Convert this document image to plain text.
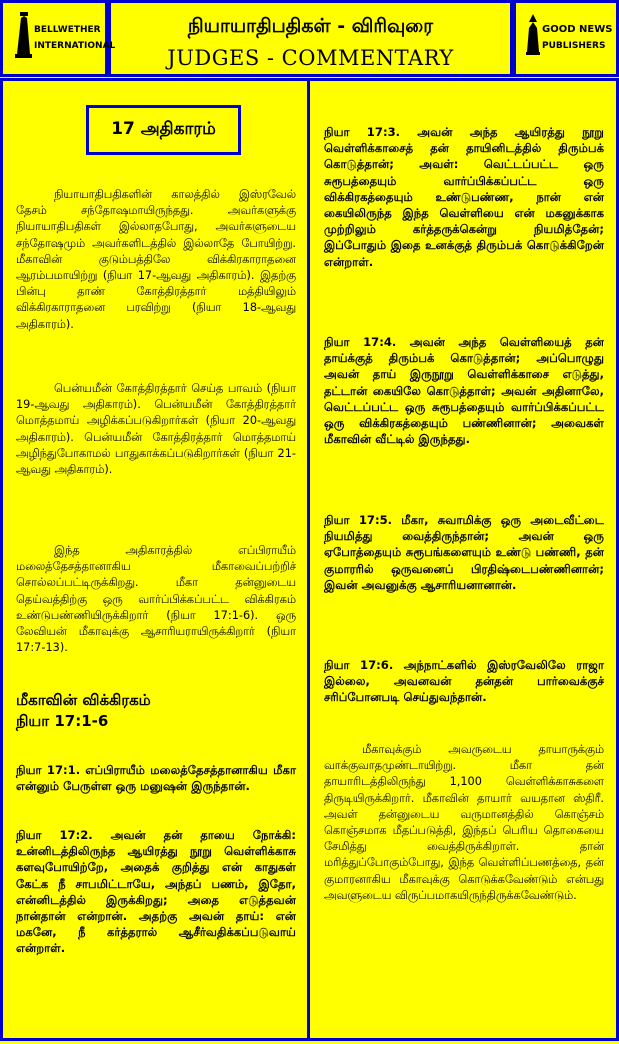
BELLWETHER
INTERNATIONAL
GOOD NEWS
PUBLISHERS
நியாயாதிபதிகள் - விரிவுரை
JUDGES - COMMENTARY
17 அதிகாரம்
நியாயாதிபதிகளின் காலத்தில் இஸ்ரவேல் தேசம் சந்தோஷமாயிருந்தது. அவர்களுக்கு நியாயாதிபதிகள் இல்லாதபோது, அவர்களுடைய சந்தோஷமும் அவர்களிடத்தில் இல்லாதே போயிற்று. மீகாவின் குடும்பத்திலே விக்கிரகாராதனை ஆரம்பமாயிற்று (நியா 17-ஆவது அதிகாரம்). இதற்கு பின்பு தாண் கோத்திரத்தார் மத்தியிலும் விக்கிரகாராதனை பரவிற்று (நியா 18-ஆவது அதிகாரம்).
பென்யமீன் கோத்திரத்தார் செய்த பாவம் (நியா 19-ஆவது அதிகாரம்). பென்யமீன் கோத்திரத்தார் மொத்தமாய் அழிக்கப்படுகிறார்கள் (நியா 20-ஆவது அதிகாரம்). பென்யமீன் கோத்திரத்தார் மொத்தமாய் அழிந்துபோகாமல் பாதுகாக்கப்படுகிறார்கள் (நியா 21-ஆவது அதிகாரம்).
இந்த அதிகாரத்தில் எப்பிராயீம் மலைத்தேசத்தானாகிய மீகாவைப்பற்றிச் சொல்லப்பட்டிருக்கிறது. மீகா தன்னுடைய தெய்வத்திற்கு ஒரு வார்ப்பிக்கப்பட்ட விக்கிரகம் உண்டுபண்ணியிருக்கிறார் (நியா 17:1-6). ஒரு லேவியன் மீகாவுக்கு ஆசாரியராயிருக்கிறார் (நியா 17:7-13).
மீகாவின் விக்கிரகம்
நியா 17:1-6
நியா 17:1. எப்பிராயீம் மலைத்தேசத்தானாகிய மீகா என்னும் பேருள்ள ஒரு மனுஷன் இருந்தான்.
நியா 17:2. அவன் தன் தாயை நோக்கி: உன்னிடத்திலிருந்த ஆயிரத்து நூறு வெள்ளிக்காசு களவுபோயிற்றே, அதைக் குறித்து என் காதுகள் கேட்க நீ சாபமிட்டாயே, அந்தப் பணம், இதோ, என்னிடத்தில் இருக்கிறது; அதை எடுத்தவன் நான்தான் என்றான். அதற்கு அவன் தாய்: என் மகனே, நீ கர்த்தரால் ஆசீர்வதிக்கப்படுவாய் என்றாள்.
நியா 17:3. அவன் அந்த ஆயிரத்து நூறு வெள்ளிக்காசைத் தன் தாயினிடத்தில் திரும்பக் கொடுத்தான்; அவள்: வெட்டப்பட்ட ஒரு சுரூபத்தையும் வார்ப்பிக்கப்பட்ட ஒரு விக்கிரகத்தையும் உண்டுபண்ண, நான் என் கையிலிருந்த இந்த வெள்ளியை என் மகனுக்காக முற்றிலும் கர்த்தருக்கென்று நியமித்தேன்; இப்போதும் இதை உனக்குத் திரும்பக் கொடுக்கிறேன் என்றாள்.
நியா 17:4. அவன் அந்த வெள்ளியைத் தன் தாய்க்குத் திரும்பக் கொடுத்தான்; அப்பொழுது அவன் தாய் இருநூறு வெள்ளிக்காசை எடுத்து, தட்டான் கையிலே கொடுத்தாள்; அவன் அதினாலே, வெட்டப்பட்ட ஒரு சுரூபத்தையும் வார்ப்பிக்கப்பட்ட ஒரு விக்கிரகத்தையும் பண்ணினான்; அவைகள் மீகாவின் வீட்டில் இருந்தது.
நியா 17:5. மீகா, சுவாமிக்கு ஒரு அடைவீட்டை நியமித்து வைத்திருந்தான்; அவன் ஒரு ஏபோத்தையும் சுரூபங்களையும் உண்டு பண்ணி, தன் குமாரரில் ஒருவனைப் பிரதிஷ்டைபண்ணினான்; இவன் அவனுக்கு ஆசாரியனானான்.
நியா 17:6. அந்நாட்களில் இஸ்ரவேலிலே ராஜா இல்லை, அவனவன் தன்தன் பார்வைக்குச் சரிப்போனபடி செய்துவந்தான்.
மீகாவுக்கும் அவருடைய தாயாருக்கும் வாக்குவாதமுண்டாயிற்று. மீகா தன் தாயாரிடத்திலிருந்து 1,100 வெள்ளிக்காசுகளை திருடியிருக்கிறார். மீகாவின் தாயார் வயதான ஸ்திரீ. அவள் தன்னுடைய வருமானத்தில் கொஞ்சம் கொஞ்சமாக மீதப்படுத்தி, இந்தப் பெரிய தொகையை சேமித்து வைத்திருக்கிறாள். தான் மரித்துப்போகும்போது, இந்த வெள்ளிப்பணத்தை, தன் குமாரனாகிய மீகாவுக்கு கொடுக்கவேண்டும் என்பது அவளுடைய விருப்பமாகயிருந்திருக்கவேண்டும்.
